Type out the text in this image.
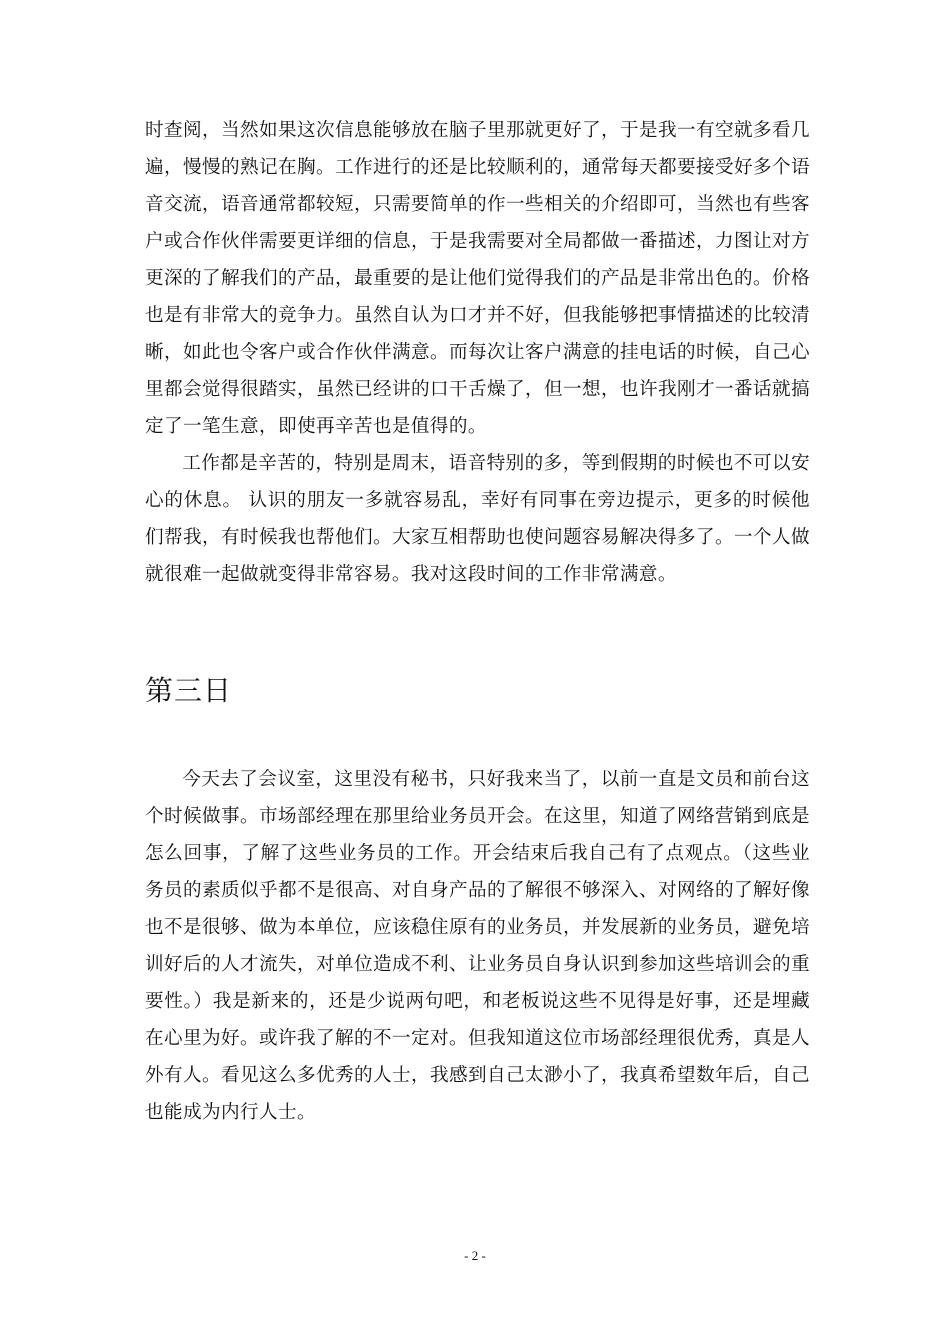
时查阅，当然如果这次信息能够放在脑子里那就更好了，于是我一有空就多看几遍，慢慢的熟记在胸。工作进行的还是比较顺利的，通常每天都要接受好多个语音交流，语音通常都较短，只需要简单的作一些相关的介绍即可，当然也有些客户或合作伙伴需要更详细的信息，于是我需要对全局都做一番描述，力图让对方更深的了解我们的产品，最重要的是让他们觉得我们的产品是非常出色的。价格也是有非常大的竞争力。虽然自认为口才并不好，但我能够把事情描述的比较清晰，如此也令客户或合作伙伴满意。而每次让客户满意的挂电话的时候，自己心里都会觉得很踏实，虽然已经讲的口干舌燥了，但一想，也许我刚才一番话就搞定了一笔生意，即使再辛苦也是值得的。

工作都是辛苦的，特别是周末，语音特别的多，等到假期的时候也不可以安心的休息。 认识的朋友一多就容易乱，幸好有同事在旁边提示，更多的时候他们帮我，有时候我也帮他们。大家互相帮助也使问题容易解决得多了。一个人做就很难一起做就变得非常容易。我对这段时间的工作非常满意。

第三日

今天去了会议室，这里没有秘书，只好我来当了，以前一直是文员和前台这个时候做事。市场部经理在那里给业务员开会。在这里，知道了网络营销到底是怎么回事，了解了这些业务员的工作。开会结束后我自己有了点观点。（这些业务员的素质似乎都不是很高、对自身产品的了解很不够深入、对网络的了解好像也不是很够、做为本单位，应该稳住原有的业务员，并发展新的业务员，避免培训好后的人才流失，对单位造成不利、让业务员自身认识到参加这些培训会的重要性。）我是新来的，还是少说两句吧，和老板说这些不见得是好事，还是埋藏在心里为好。或许我了解的不一定对。但我知道这位市场部经理很优秀，真是人外有人。看见这么多优秀的人士，我感到自己太渺小了，我真希望数年后，自己也能成为内行人士。

- 2 -
